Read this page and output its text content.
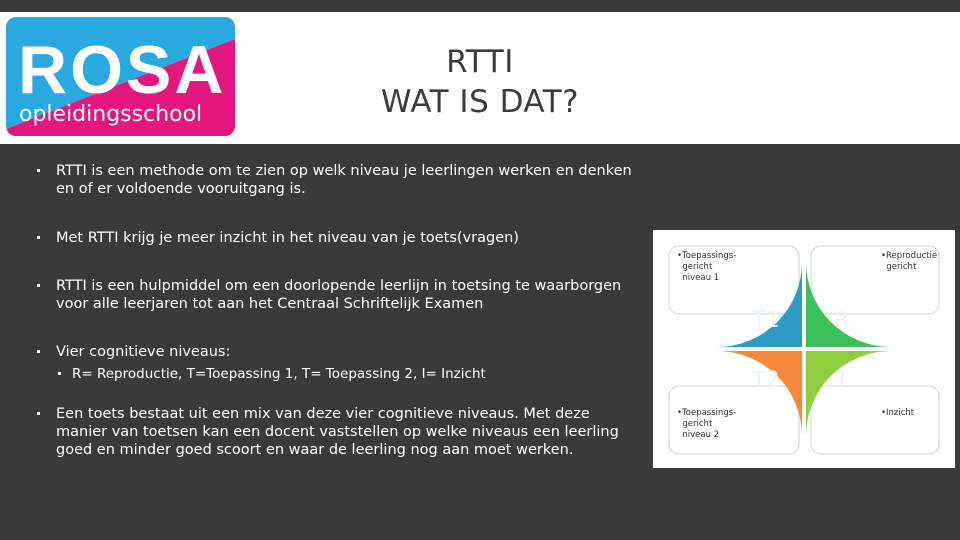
ROSA
opleidingsschool
RTTI
WAT IS DAT?
RTTI is een methode om te zien op welk niveau je leerlingen werken en denken en of er voldoende vooruitgang is.
Met RTTI krijg je meer inzicht in het niveau van je toets(vragen)
RTTI is een hulpmiddel om een doorlopende leerlijn in toetsing te waarborgen voor alle leerjaren tot aan het Centraal Schriftelijk Examen
Vier cognitieve niveaus:
R= Reproductie, T=Toepassing 1, T= Toepassing 2, I= Inzicht
Een toets bestaat uit een mix van deze vier cognitieve niveaus. Met deze manier van toetsen kan een docent vaststellen op welke niveaus een leerling goed en minder goed scoort en waar de leerling nog aan moet werken.
T1 R
T2	I
•Toepassings-
gericht
niveau 1
•Reproductie
gericht
•Toepassings-
gericht
niveau 2
•Inzicht
